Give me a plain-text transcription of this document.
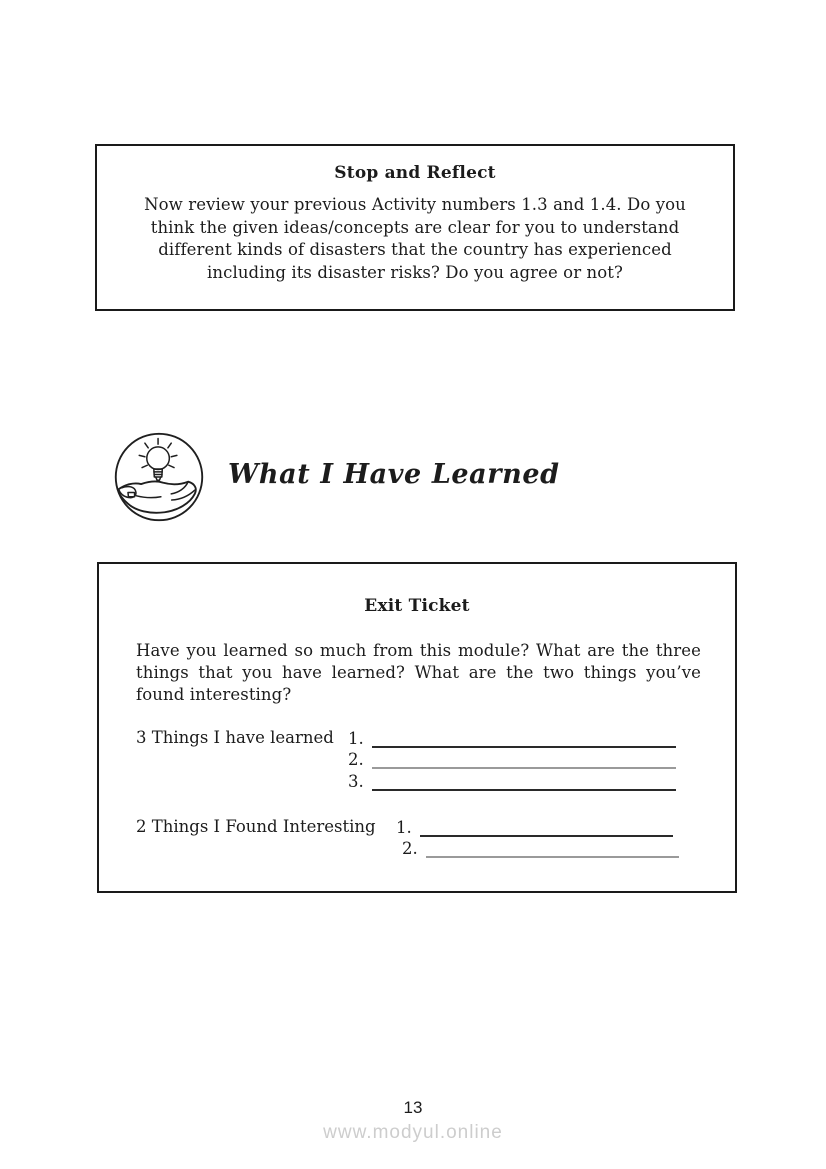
Stop and Reflect
Now review your previous Activity numbers 1.3 and 1.4. Do you think the given ideas/concepts are clear for you to understand different kinds of disasters that the country has experienced including its disaster risks? Do you agree or not?
What I Have Learned
Exit Ticket
Have you learned so much from this module? What are the three things that you have learned? What are the two things you’ve found interesting?
3 Things I have learned 1.
2.
3.
2 Things I Found Interesting 1.
2.
13
www.modyul.online
